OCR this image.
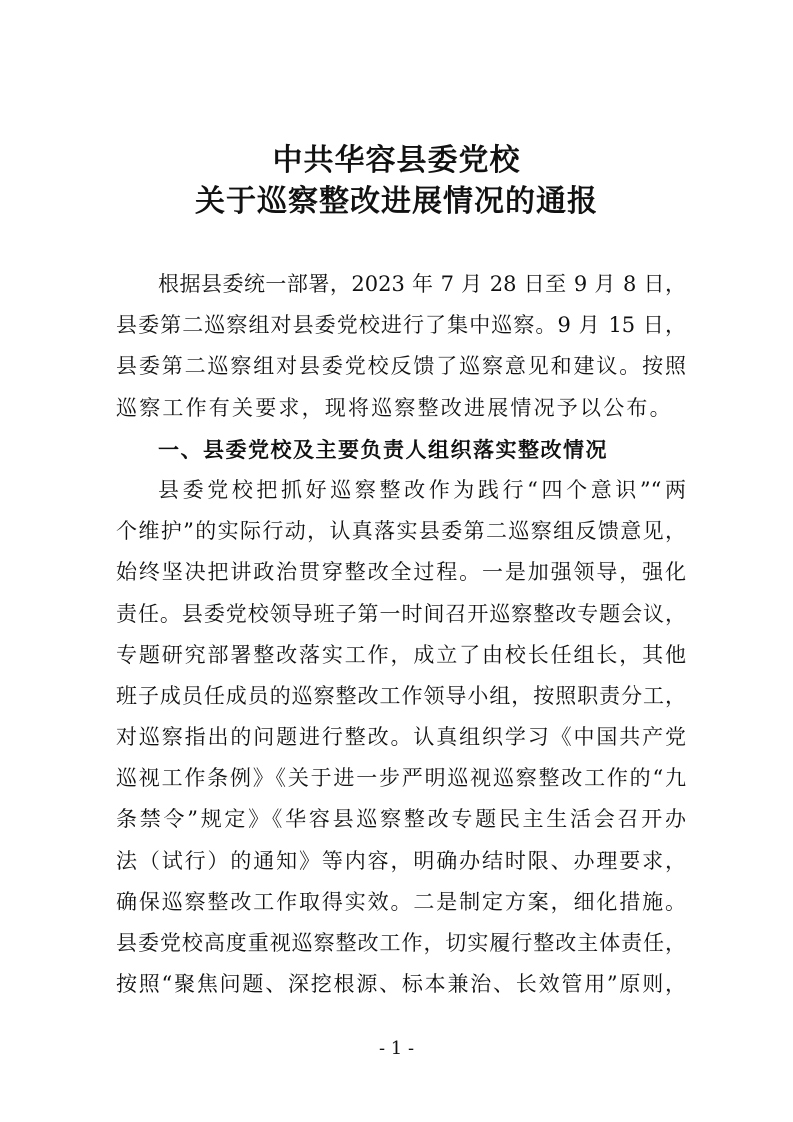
中共华容县委党校
关于巡察整改进展情况的通报
根据县委统一部署，2023 年 7 月 28 日至 9 月 8 日，
县委第二巡察组对县委党校进行了集中巡察。9 月 15 日，
县委第二巡察组对县委党校反馈了巡察意见和建议。按照
巡察工作有关要求，现将巡察整改进展情况予以公布。
一、县委党校及主要负责人组织落实整改情况
县委党校把抓好巡察整改作为践行“四个意识”“两
个维护”的实际行动，认真落实县委第二巡察组反馈意见，
始终坚决把讲政治贯穿整改全过程。一是加强领导，强化
责任。县委党校领导班子第一时间召开巡察整改专题会议，
专题研究部署整改落实工作，成立了由校长任组长，其他
班子成员任成员的巡察整改工作领导小组，按照职责分工，
对巡察指出的问题进行整改。认真组织学习《中国共产党
巡视工作条例》《关于进一步严明巡视巡察整改工作的“九
条禁令”规定》《华容县巡察整改专题民主生活会召开办
法（试行）的通知》等内容，明确办结时限、办理要求，
确保巡察整改工作取得实效。二是制定方案，细化措施。
县委党校高度重视巡察整改工作，切实履行整改主体责任，
按照“聚焦问题、深挖根源、标本兼治、长效管用”原则，
- 1 -
